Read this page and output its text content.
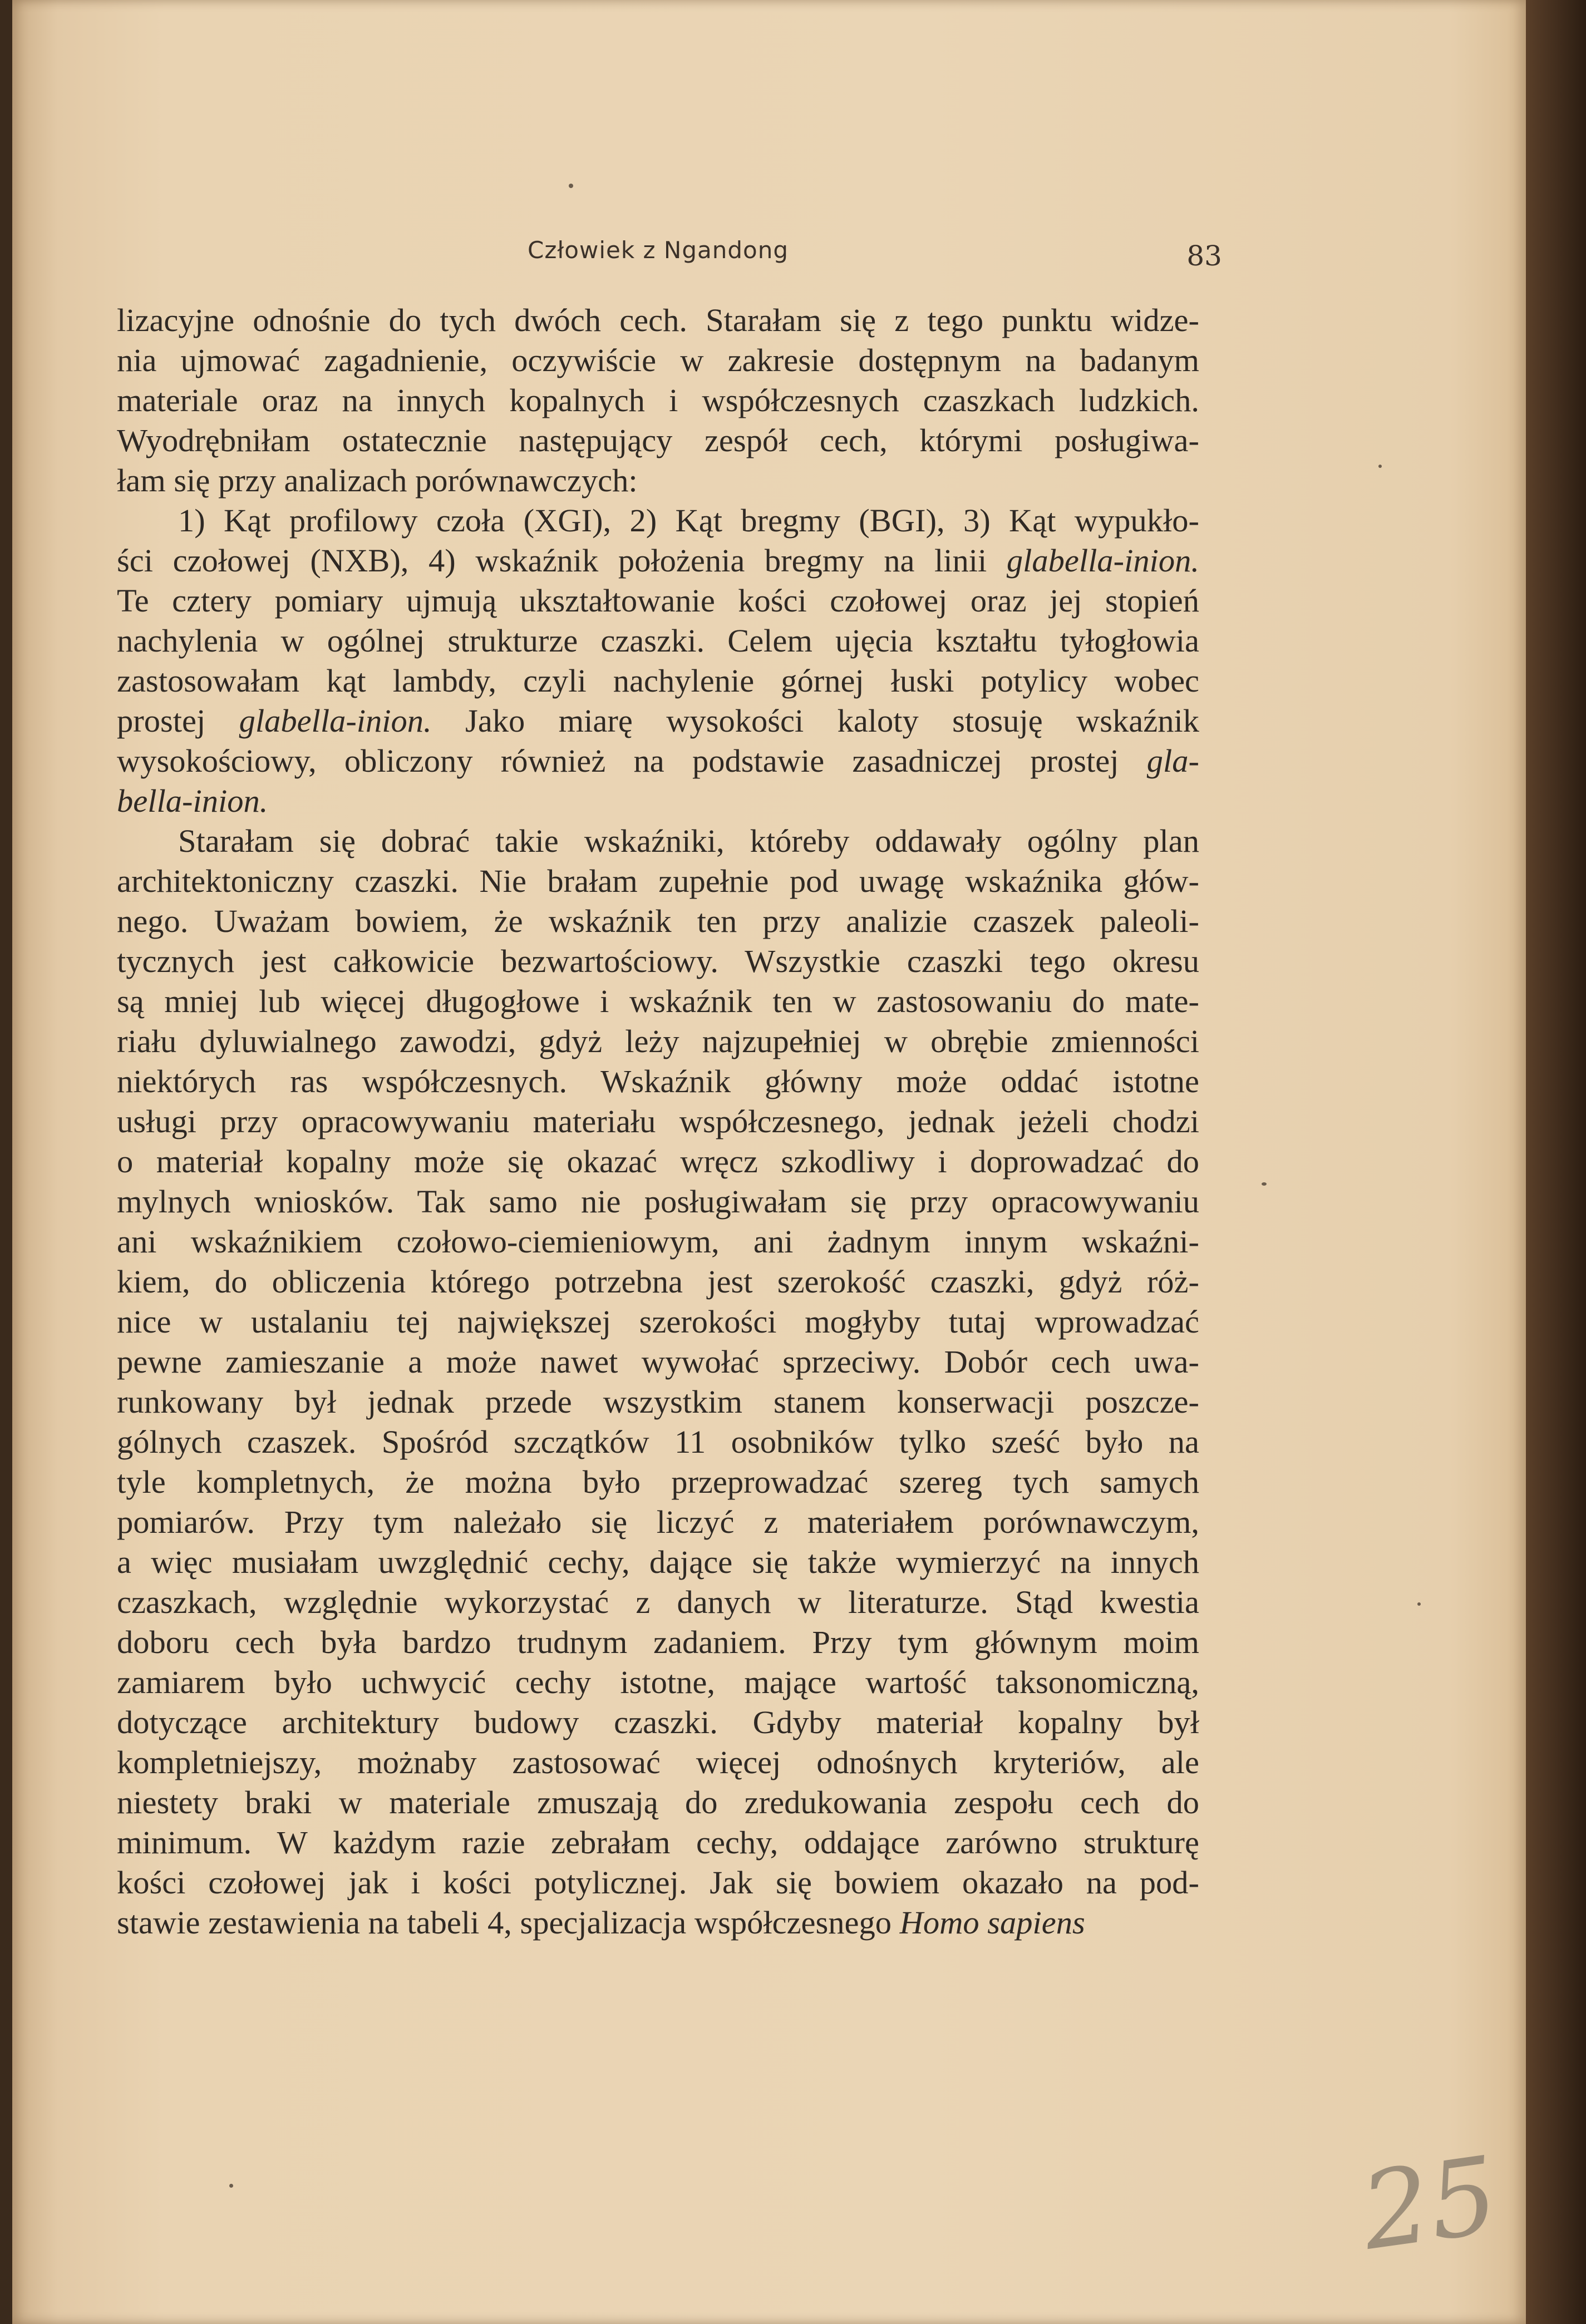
Człowiek z Ngandong	83
lizacyjne odnośnie do tych dwóch cech. Starałam się z tego punktu widze-
nia ujmować zagadnienie, oczywiście w zakresie dostępnym na badanym
materiale oraz na innych kopalnych i współczesnych czaszkach ludzkich.
Wyodrębniłam ostatecznie następujący zespół cech, którymi posługiwa-
łam się przy analizach porównawczych:
1) Kąt profilowy czoła (XGI), 2) Kąt bregmy (BGI), 3) Kąt wypukło-
ści czołowej (NXB), 4) wskaźnik położenia bregmy na linii glabella-inion.
Te cztery pomiary ujmują ukształtowanie kości czołowej oraz jej stopień
nachylenia w ogólnej strukturze czaszki. Celem ujęcia kształtu tyłogłowia
zastosowałam kąt lambdy, czyli nachylenie górnej łuski potylicy wobec
prostej glabella-inion. Jako miarę wysokości kaloty stosuję wskaźnik
wysokościowy, obliczony również na podstawie zasadniczej prostej gla-
bella-inion.
Starałam się dobrać takie wskaźniki, któreby oddawały ogólny plan
architektoniczny czaszki. Nie brałam zupełnie pod uwagę wskaźnika głów-
nego. Uważam bowiem, że wskaźnik ten przy analizie czaszek paleoli-
tycznych jest całkowicie bezwartościowy. Wszystkie czaszki tego okresu
są mniej lub więcej długogłowe i wskaźnik ten w zastosowaniu do mate-
riału dyluwialnego zawodzi, gdyż leży najzupełniej w obrębie zmienności
niektórych ras współczesnych. Wskaźnik główny może oddać istotne
usługi przy opracowywaniu materiału współczesnego, jednak jeżeli chodzi
o materiał kopalny może się okazać wręcz szkodliwy i doprowadzać do
mylnych wniosków. Tak samo nie posługiwałam się przy opracowywaniu
ani wskaźnikiem czołowo-ciemieniowym, ani żadnym innym wskaźni-
kiem, do obliczenia którego potrzebna jest szerokość czaszki, gdyż róż-
nice w ustalaniu tej największej szerokości mogłyby tutaj wprowadzać
pewne zamieszanie a może nawet wywołać sprzeciwy. Dobór cech uwa-
runkowany był jednak przede wszystkim stanem konserwacji poszcze-
gólnych czaszek. Spośród szczątków 11 osobników tylko sześć było na
tyle kompletnych, że można było przeprowadzać szereg tych samych
pomiarów. Przy tym należało się liczyć z materiałem porównawczym,
a więc musiałam uwzględnić cechy, dające się także wymierzyć na innych
czaszkach, względnie wykorzystać z danych w literaturze. Stąd kwestia
doboru cech była bardzo trudnym zadaniem. Przy tym głównym moim
zamiarem było uchwycić cechy istotne, mające wartość taksonomiczną,
dotyczące architektury budowy czaszki. Gdyby materiał kopalny był
kompletniejszy, możnaby zastosować więcej odnośnych kryteriów, ale
niestety braki w materiale zmuszają do zredukowania zespołu cech do
minimum. W każdym razie zebrałam cechy, oddające zarówno strukturę
kości czołowej jak i kości potylicznej. Jak się bowiem okazało na pod-
stawie zestawienia na tabeli 4, specjalizacja współczesnego Homo sapiens
25
